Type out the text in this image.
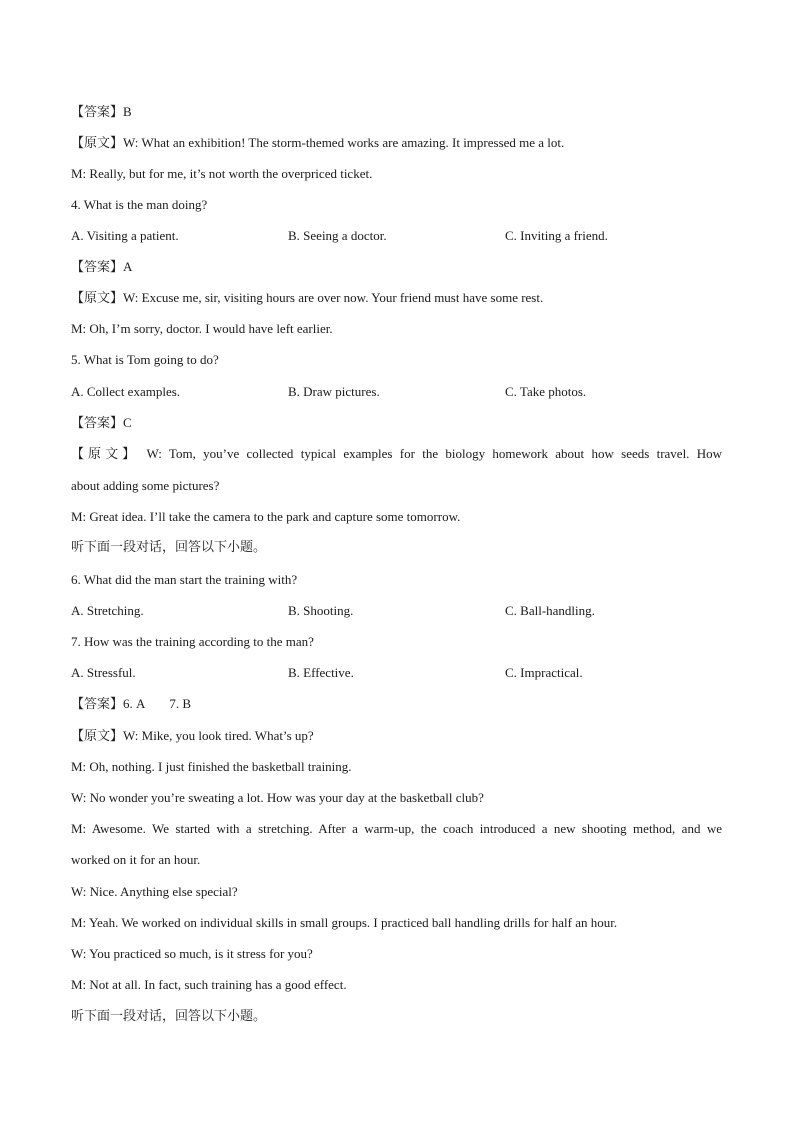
【答案】B
【原文】W: What an exhibition! The storm-themed works are amazing. It impressed me a lot.
M: Really, but for me, it’s not worth the overpriced ticket.
4. What is the man doing?
A. Visiting a patient.	B. Seeing a doctor.	C. Inviting a friend.
【答案】A
【原文】W: Excuse me, sir, visiting hours are over now. Your friend must have some rest.
M: Oh, I’m sorry, doctor. I would have left earlier.
5. What is Tom going to do?
A. Collect examples.	B. Draw pictures.	C. Take photos.
【答案】C
【原文】 W: Tom, you’ve collected typical examples for the biology homework about how seeds travel. How
about adding some pictures?
M: Great idea. I’ll take the camera to the park and capture some tomorrow.
听下面一段对话，回答以下小题。
6. What did the man start the training with?
A. Stretching.	B. Shooting.	C. Ball-handling.
7. How was the training according to the man?
A. Stressful.	B. Effective.	C. Impractical.
【答案】6. A 7. B
【原文】W: Mike, you look tired. What’s up?
M: Oh, nothing. I just finished the basketball training.
W: No wonder you’re sweating a lot. How was your day at the basketball club?
M: Awesome. We started with a stretching. After a warm-up, the coach introduced a new shooting method, and we
worked on it for an hour.
W: Nice. Anything else special?
M: Yeah. We worked on individual skills in small groups. I practiced ball handling drills for half an hour.
W: You practiced so much, is it stress for you?
M: Not at all. In fact, such training has a good effect.
听下面一段对话，回答以下小题。
